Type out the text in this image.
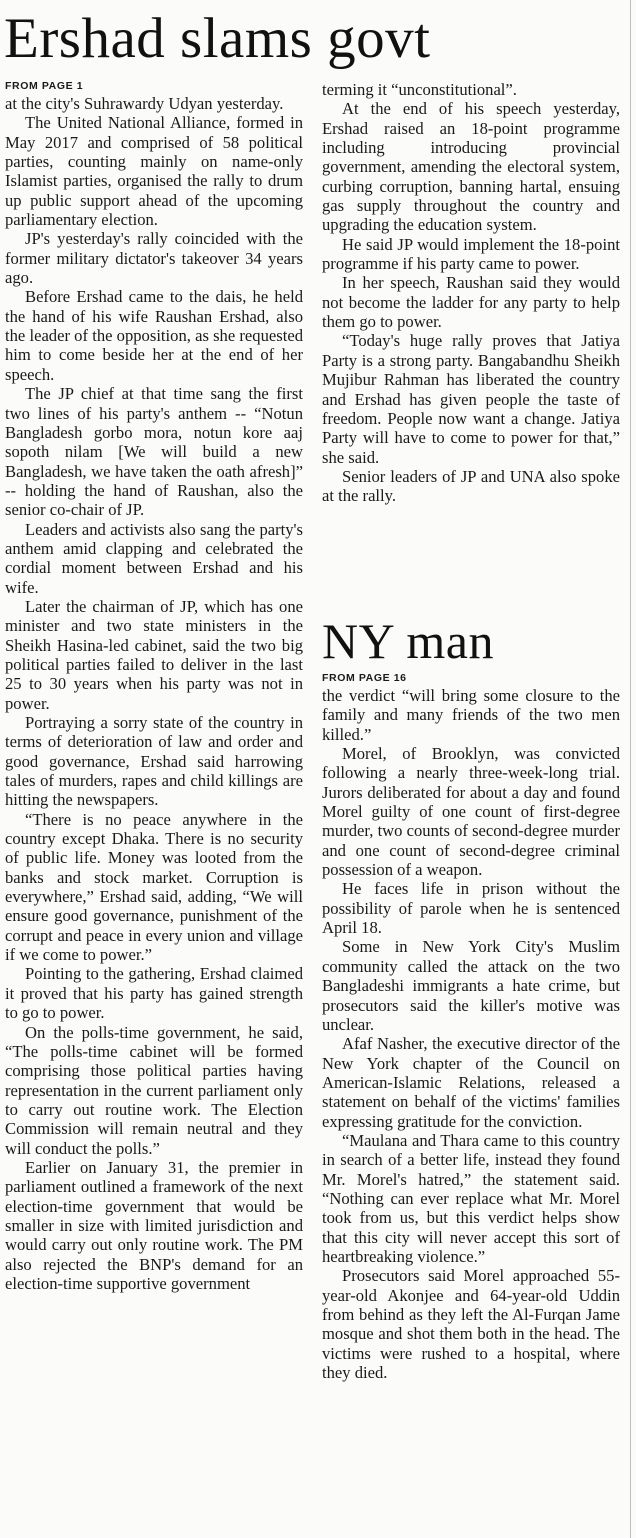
Ershad slams govt
FROM PAGE 1

at the city's Suhrawardy Udyan yesterday.

The United National Alliance, formed in May 2017 and comprised of 58 political parties, counting mainly on name-only Islamist parties, organised the rally to drum up public support ahead of the upcoming parliamentary election.

JP's yesterday's rally coincided with the former military dictator's takeover 34 years ago.

Before Ershad came to the dais, he held the hand of his wife Raushan Ershad, also the leader of the opposition, as she requested him to come beside her at the end of her speech.

The JP chief at that time sang the first two lines of his party's anthem -- “Notun Bangladesh gorbo mora, notun kore aaj sopoth nilam [We will build a new Bangladesh, we have taken the oath afresh]” -- holding the hand of Raushan, also the senior co-chair of JP.

Leaders and activists also sang the party's anthem amid clapping and celebrated the cordial moment between Ershad and his wife.

Later the chairman of JP, which has one minister and two state ministers in the Sheikh Hasina-led cabinet, said the two big political parties failed to deliver in the last 25 to 30 years when his party was not in power.

Portraying a sorry state of the country in terms of deterioration of law and order and good governance, Ershad said harrowing tales of murders, rapes and child killings are hitting the newspapers.

“There is no peace anywhere in the country except Dhaka. There is no security of public life. Money was looted from the banks and stock market. Corruption is everywhere,” Ershad said, adding, “We will ensure good governance, punishment of the corrupt and peace in every union and village if we come to power.”

Pointing to the gathering, Ershad claimed it proved that his party has gained strength to go to power.

On the polls-time government, he said, “The polls-time cabinet will be formed comprising those political parties having representation in the current parliament only to carry out routine work. The Election Commission will remain neutral and they will conduct the polls.”

Earlier on January 31, the premier in parliament outlined a framework of the next election-time government that would be smaller in size with limited jurisdiction and would carry out only routine work. The PM also rejected the BNP's demand for an election-time supportive government

terming it “unconstitutional”.

At the end of his speech yesterday, Ershad raised an 18-point programme including introducing provincial government, amending the electoral system, curbing corruption, banning hartal, ensuing gas supply throughout the country and upgrading the education system.

He said JP would implement the 18-point programme if his party came to power.

In her speech, Raushan said they would not become the ladder for any party to help them go to power.

“Today's huge rally proves that Jatiya Party is a strong party. Bangabandhu Sheikh Mujibur Rahman has liberated the country and Ershad has given people the taste of freedom. People now want a change. Jatiya Party will have to come to power for that,” she said.

Senior leaders of JP and UNA also spoke at the rally.

NY man
FROM PAGE 16

the verdict “will bring some closure to the family and many friends of the two men killed.”

Morel, of Brooklyn, was convicted following a nearly three-week-long trial. Jurors deliberated for about a day and found Morel guilty of one count of first-degree murder, two counts of second-degree murder and one count of second-degree criminal possession of a weapon.

He faces life in prison without the possibility of parole when he is sentenced April 18.

Some in New York City's Muslim community called the attack on the two Bangladeshi immigrants a hate crime, but prosecutors said the killer's motive was unclear.

Afaf Nasher, the executive director of the New York chapter of the Council on American-Islamic Relations, released a statement on behalf of the victims' families expressing gratitude for the conviction.

“Maulana and Thara came to this country in search of a better life, instead they found Mr. Morel's hatred,” the statement said. “Nothing can ever replace what Mr. Morel took from us, but this verdict helps show that this city will never accept this sort of heartbreaking violence.”

Prosecutors said Morel approached 55-year-old Akonjee and 64-year-old Uddin from behind as they left the Al-Furqan Jame mosque and shot them both in the head. The victims were rushed to a hospital, where they died.
